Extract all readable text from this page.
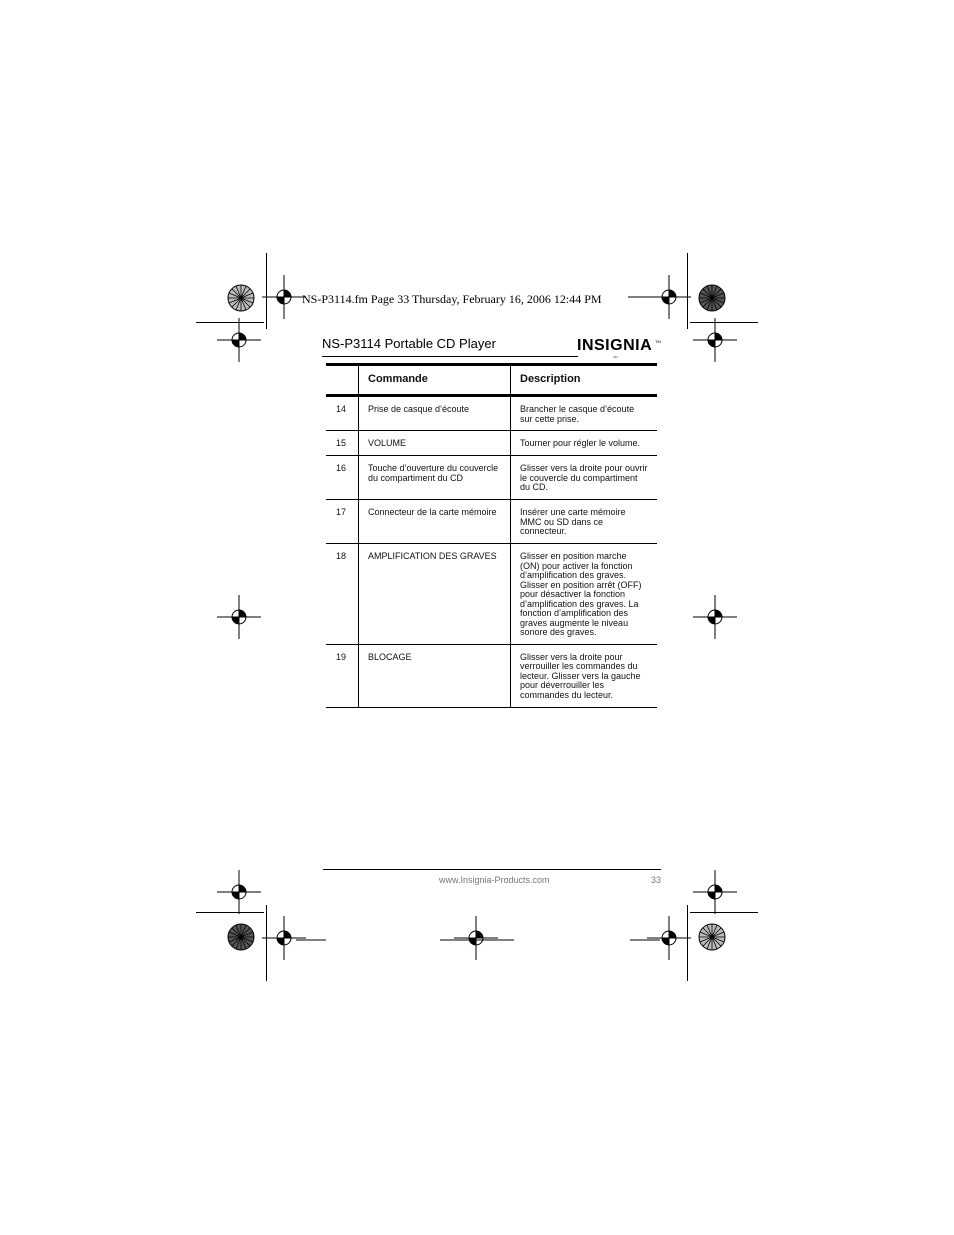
NS-P3114.fm Page 33 Thursday, February 16, 2006 12:44 PM
NS-P3114 Portable CD Player	INSIGNIA TM
MR
	Commande	Description
14	Prise de casque d’écoute	Brancher le casque d’écoute sur cette prise.
15	VOLUME	Tourner pour régler le volume.
16	Touche d’ouverture du couvercle du compartiment du CD	Glisser vers la droite pour ouvrir le couvercle du compartiment du CD.
17	Connecteur de la carte mémoire	Insérer une carte mémoire MMC ou SD dans ce connecteur.
18	AMPLIFICATION DES GRAVES	Glisser en position marche (ON) pour activer la fonction d’amplification des graves. Glisser en position arrêt (OFF) pour désactiver la fonction d’amplification des graves. La fonction d’amplification des graves augmente le niveau sonore des graves.
19	BLOCAGE	Glisser vers la droite pour verrouiller les commandes du lecteur. Glisser vers la gauche pour déverrouiller les commandes du lecteur.
www.Insignia-Products.com	33
